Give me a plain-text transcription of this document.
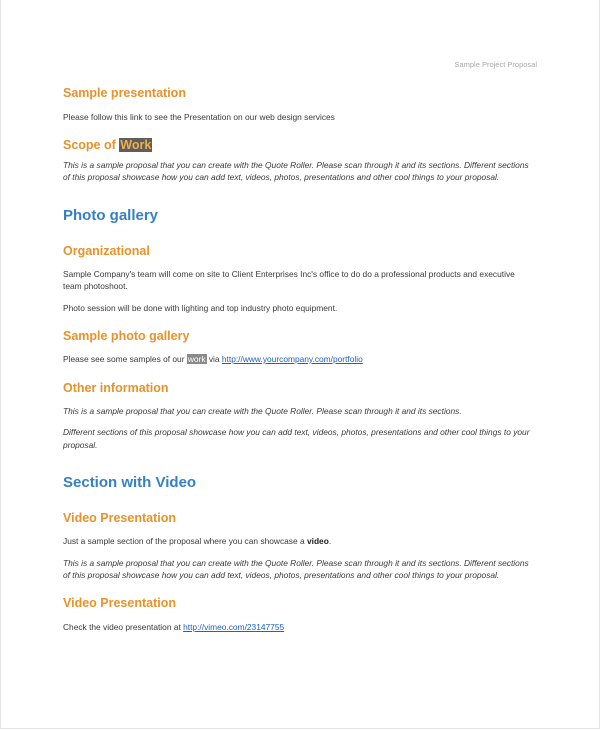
Sample Project Proposal
Sample presentation

Please follow this link to see the Presentation on our web design services

Scope of Work

This is a sample proposal that you can create with the Quote Roller. Please scan through it and its sections. Different sections of this proposal showcase how you can add text, videos, photos, presentations and other cool things to your proposal.

Photo gallery
Organizational

Sample Company's team will come on site to Client Enterprises Inc's office to do do a professional products and executive team photoshoot.

Photo session will be done with lighting and top industry photo equipment.

Sample photo gallery

Please see some samples of our work via http://www.yourcompany.com/portfolio

Other information

This is a sample proposal that you can create with the Quote Roller. Please scan through it and its sections.

Different sections of this proposal showcase how you can add text, videos, photos, presentations and other cool things to your proposal.

Section with Video
Video Presentation

Just a sample section of the proposal where you can showcase a video.

This is a sample proposal that you can create with the Quote Roller. Please scan through it and its sections. Different sections of this proposal showcase how you can add text, videos, photos, presentations and other cool things to your proposal.

Video Presentation

Check the video presentation at http://vimeo.com/23147755
